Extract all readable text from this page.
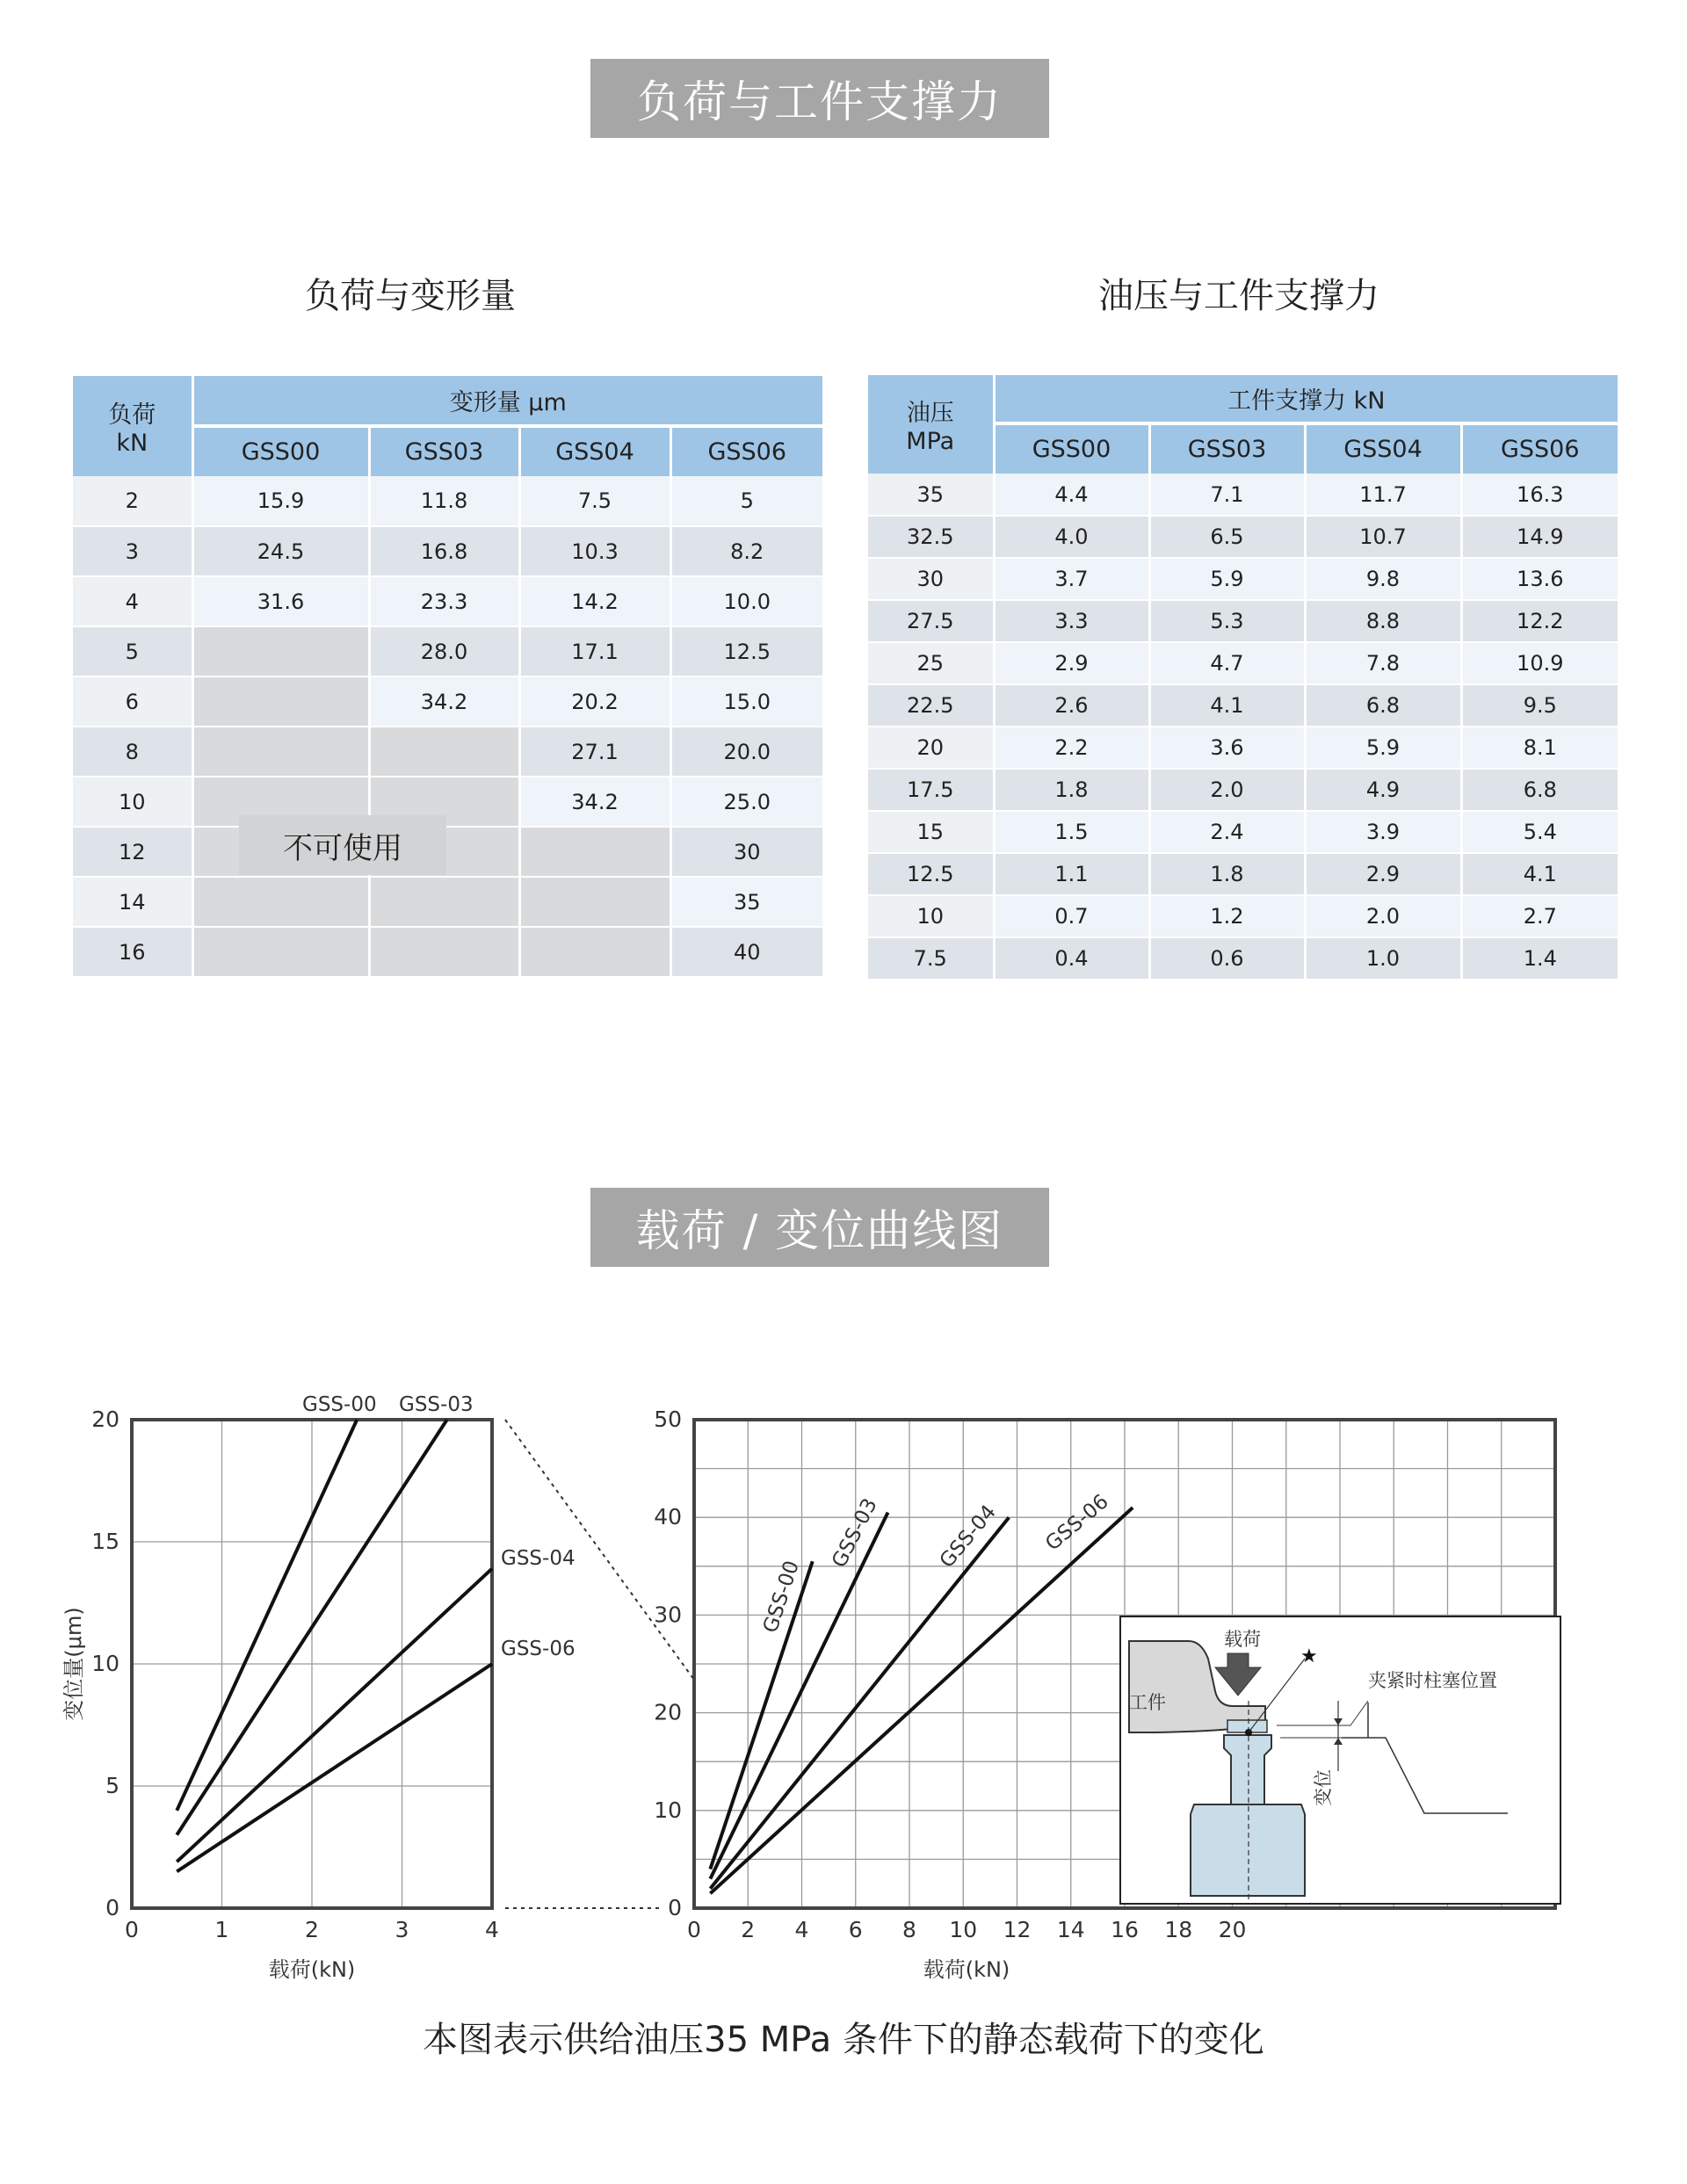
负荷与工件支撑力
负荷与变形量	油压与工件支撑力
负荷
kN	变形量 μm			
	GSS00	GSS03	GSS04	GSS06
2	15.9	11.8	7.5	5
3	24.5	16.8	10.3	8.2
4	31.6	23.3	14.2	10.0
5		28.0	17.1	12.5
6		34.2	20.2	15.0
8			27.1	20.0
10			34.2	25.0
12				30
14				35
16				40
不可使用
油压
MPa	工件支撑力 kN			
	GSS00	GSS03	GSS04	GSS06
35	4.4	7.1	11.7	16.3
32.5	4.0	6.5	10.7	14.9
30	3.7	5.9	9.8	13.6
27.5	3.3	5.3	8.8	12.2
25	2.9	4.7	7.8	10.9
22.5	2.6	4.1	6.8	9.5
20	2.2	3.6	5.9	8.1
17.5	1.8	2.0	4.9	6.8
15	1.5	2.4	3.9	5.4
12.5	1.1	1.8	2.9	4.1
10	0.7	1.2	2.0	2.7
7.5	0.4	0.6	1.0	1.4
载荷 / 变位曲线图
0	1	2	3	4
0
5
10
15
20
载荷(kN)
变位量(μm)
GSS-00 GSS-03
GSS-04
GSS-06
0 2 4 6 8 10 12 14 16 18 20
0
10
20
30
40
50
载荷(kN)
GSS-00
GSS-03	GSS-04 GSS-06
工件
载荷
★
夹紧时柱塞位置
变位
本图表示供给油压35 MPa 条件下的静态载荷下的变化
